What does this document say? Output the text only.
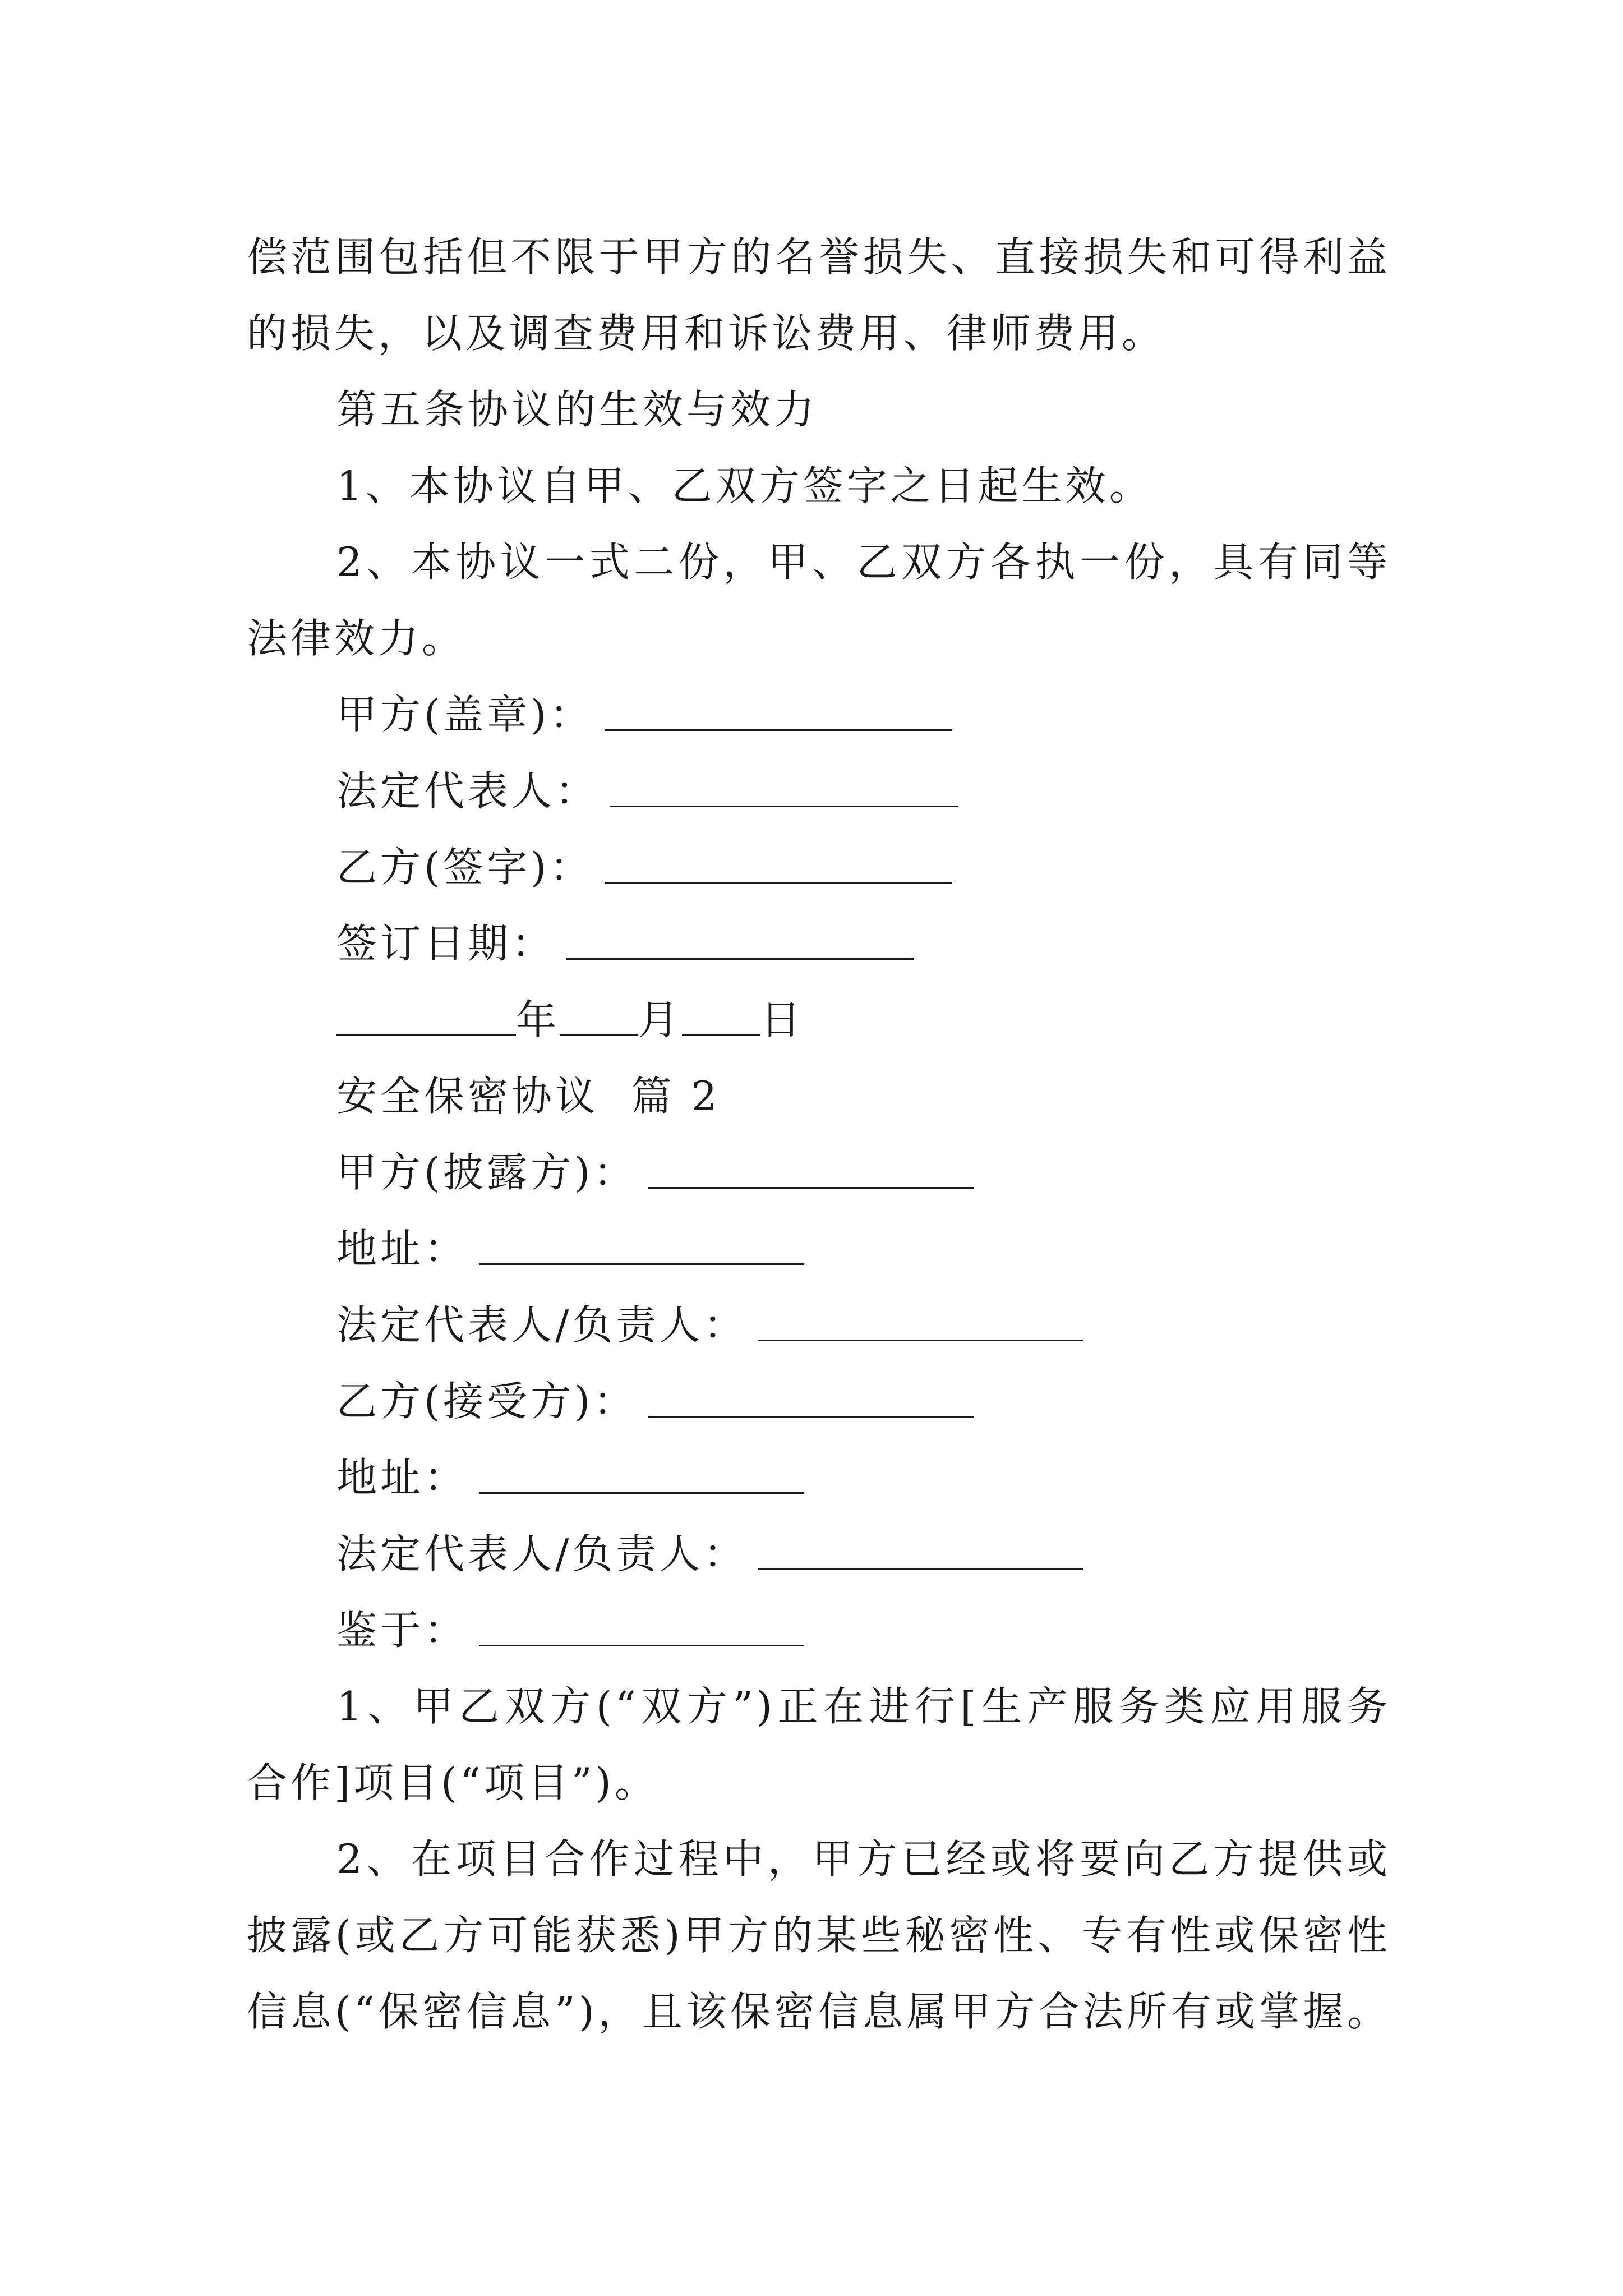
偿范围包括但不限于甲方的名誉损失、直接损失和可得利益
的损失，以及调查费用和诉讼费用、律师费用。
第五条协议的生效与效力
1、本协议自甲、乙双方签字之日起生效。
2、本协议一式二份，甲、乙双方各执一份，具有同等
法律效力。
甲方(盖章)：
法定代表人：
乙方(签字)：
签订日期：
年 月 日
安全保密协议  篇 2
甲方(披露方)：
地址：
法定代表人/负责人：
乙方(接受方)：
地址：
法定代表人/负责人：
鉴于：
1、甲乙双方(“双方”)正在进行[生产服务类应用服务
合作]项目(“项目”)。
2、在项目合作过程中，甲方已经或将要向乙方提供或
披露(或乙方可能获悉)甲方的某些秘密性、专有性或保密性
信息(“保密信息”)，且该保密信息属甲方合法所有或掌握。
